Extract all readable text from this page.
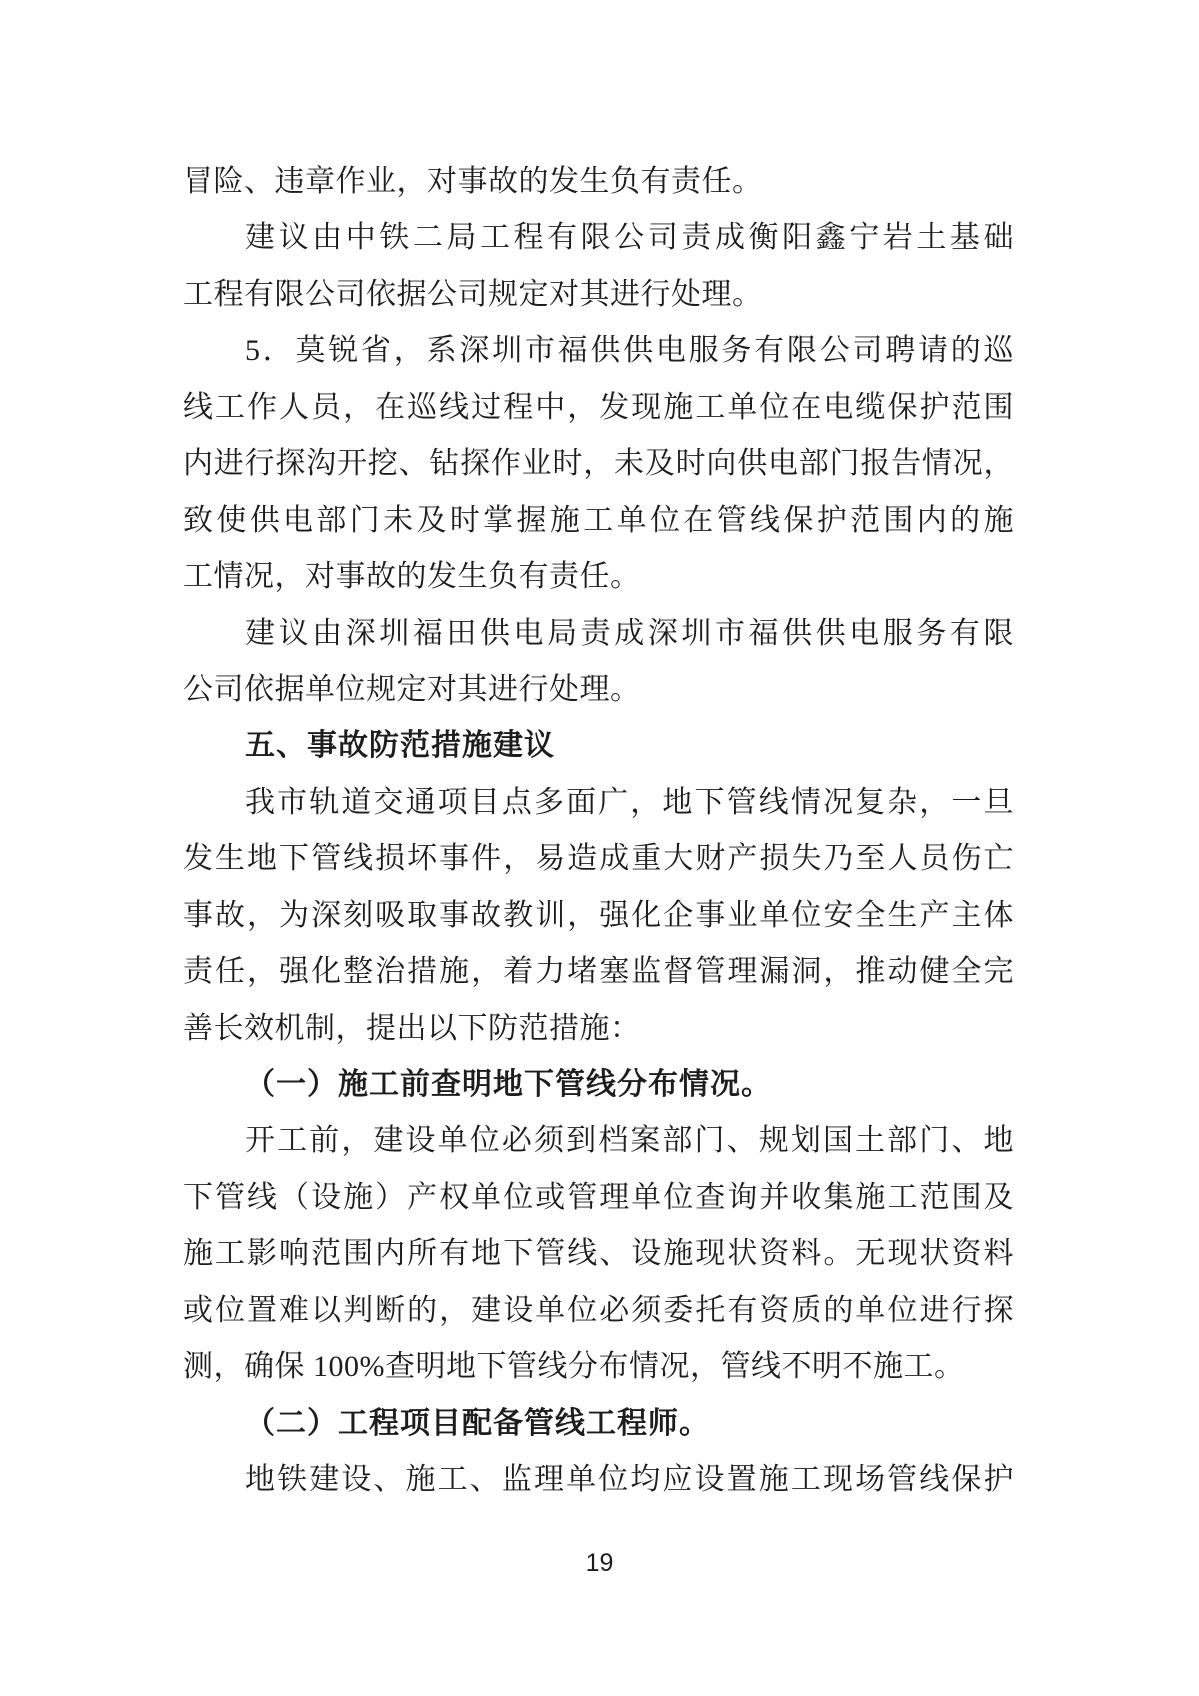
冒险、违章作业，对事故的发生负有责任。
建议由中铁二局工程有限公司责成衡阳鑫宁岩土基础
工程有限公司依据公司规定对其进行处理。
5．莫锐省，系深圳市福供供电服务有限公司聘请的巡
线工作人员，在巡线过程中，发现施工单位在电缆保护范围
内进行探沟开挖、钻探作业时，未及时向供电部门报告情况，
致使供电部门未及时掌握施工单位在管线保护范围内的施
工情况，对事故的发生负有责任。
建议由深圳福田供电局责成深圳市福供供电服务有限
公司依据单位规定对其进行处理。
五、事故防范措施建议
我市轨道交通项目点多面广，地下管线情况复杂，一旦
发生地下管线损坏事件，易造成重大财产损失乃至人员伤亡
事故，为深刻吸取事故教训，强化企事业单位安全生产主体
责任，强化整治措施，着力堵塞监督管理漏洞，推动健全完
善长效机制，提出以下防范措施：
（一）施工前查明地下管线分布情况。
开工前，建设单位必须到档案部门、规划国土部门、地
下管线（设施）产权单位或管理单位查询并收集施工范围及
施工影响范围内所有地下管线、设施现状资料。无现状资料
或位置难以判断的，建设单位必须委托有资质的单位进行探
测，确保 100%查明地下管线分布情况，管线不明不施工。
（二）工程项目配备管线工程师。
地铁建设、施工、监理单位均应设置施工现场管线保护
19
